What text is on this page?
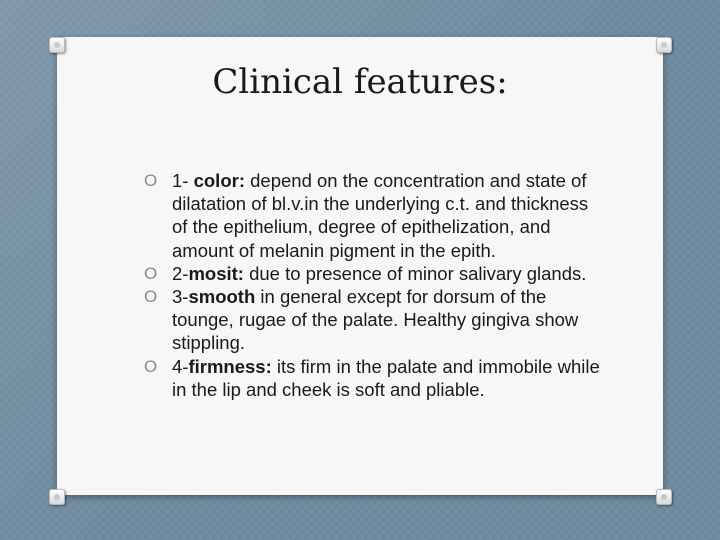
Clinical features:
O 1- color: depend on the concentration and state of dilatation of bl.v.in the underlying c.t. and thickness of the epithelium, degree of epithelization, and amount of melanin pigment in the epith.
O 2-mosit: due to presence of minor salivary glands.
O 3-smooth in general except for dorsum of the tounge, rugae of the palate. Healthy gingiva show stippling.
O 4-firmness: its firm in the palate and immobile while in the lip and cheek is soft and pliable.
